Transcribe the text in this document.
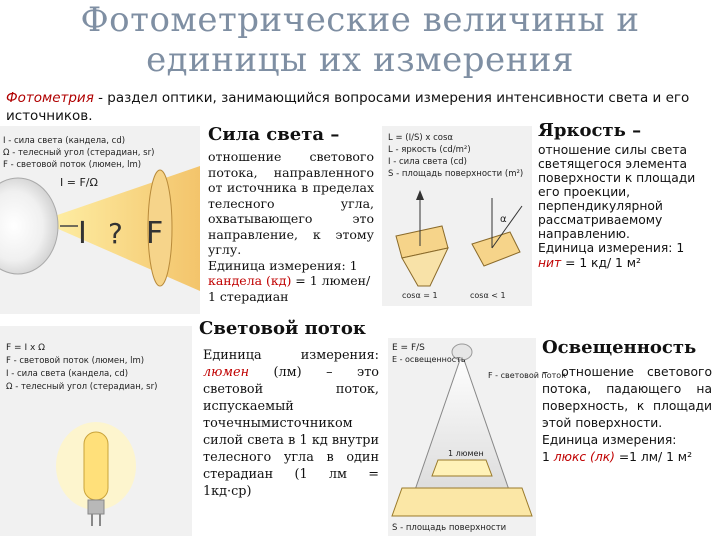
Фотометрические величины и
единицы их измерения
Фотометрия - раздел оптики, занимающийся вопросами измерения интенсивности света и его источников.
I ? F
I - сила света (кандела, cd)
Ω - телесный угол (стерадиан, sr)
F - световой поток (люмен, lm)
I = F/Ω
Сила света –
отношение светового потока, направленного от источника в пределах телесного угла, охватывающего это направление, к этому углу.
Единица измерения: 1
кандела (кд) = 1 люмен/ 1 стерадиан
L = (I/S) x cosα
L - яркость (cd/m²)
I - сила света (cd)
S - площадь поверхности (m²)
α
cosα = 1	cosα < 1
Яркость –
отношение силы света светящегося элемента поверхности к площади его проекции, перпендикулярной рассматриваемому направлению.
Единица измерения: 1
нит = 1 кд/ 1 м²
F = I x Ω
F - световой поток (люмен, lm)
I - сила света (кандела, cd)
Ω - телесный угол (стерадиан, sr)
Световой поток
Единица измерения: люмен (лм) – это световой поток, испускаемый точечнымисточником силой света в 1 кд внутри телесного угла в один стерадиан (1 лм = 1кд·ср)
E = F/S
E - освещенность
F - световой поток
1 люмен
S - площадь поверхности
Освещенность
– отношение светового потока, падающего на поверхность, к площади этой поверхности.
Единица измерения:
1 люкс (лк) =1 лм/ 1 м²
